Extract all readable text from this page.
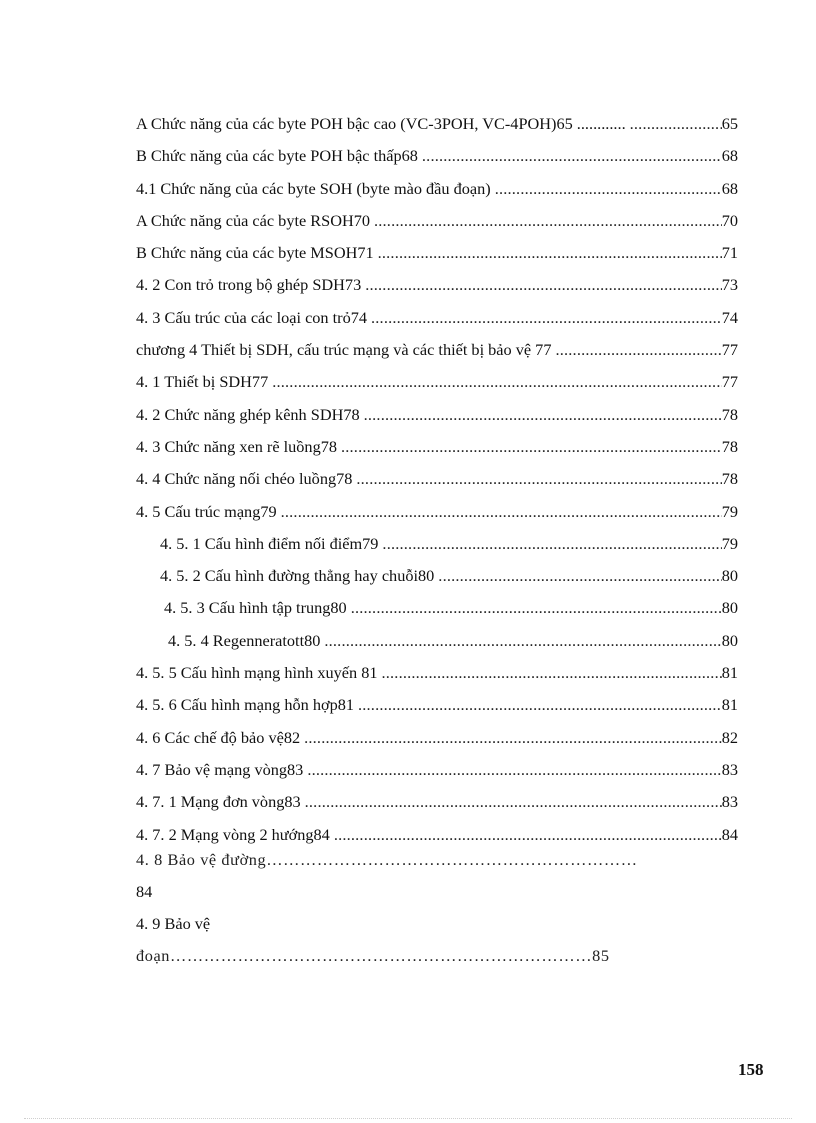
A Chức năng của các byte POH bậc cao (VC-3POH, VC-4POH)65 ............ .....	65
B Chức năng của các byte POH bậc thấp68 .....	68
4.1 Chức năng của các byte SOH (byte mào đầu đoạn) .....	68
A Chức năng của các byte RSOH70 .....	70
B Chức năng của các byte MSOH71 .....	71
4. 2 Con trỏ trong bộ ghép SDH73 .....	73
4. 3 Cấu trúc của các loại con trỏ74 .....	74
chương 4 Thiết bị SDH, cấu trúc mạng và các thiết bị bảo vệ 77 .....	77
4. 1 Thiết bị SDH77 .....	77
4. 2 Chức năng ghép kênh SDH78 .....	78
4. 3 Chức năng xen rẽ luồng78 .....	78
4. 4 Chức năng nối chéo luồng78 .....	78
4. 5 Cấu trúc mạng79 .....	79
4. 5. 1 Cấu hình điểm nối điểm79 .....	79
4. 5. 2 Cấu hình đường thẳng hay chuỗi80 .....	80
4. 5. 3 Cấu hình tập trung80 .....	80
4. 5. 4 Regenneratott80 .....	80
4. 5. 5 Cấu hình mạng hình xuyến 81 .....	81
4. 5. 6 Cấu hình mạng hỗn hợp81 .....	81
4. 6 Các chế độ bảo vệ82 .....	82
4. 7 Bảo vệ mạng vòng83 .....	83
4. 7. 1 Mạng đơn vòng83 .....	83
4. 7. 2 Mạng vòng 2 hướng84 .....	84
4. 8 Bảo vệ đường…………………………………………………………
84
4. 9 Bảo vệ
đoạn…………………………………………………………………85
158
